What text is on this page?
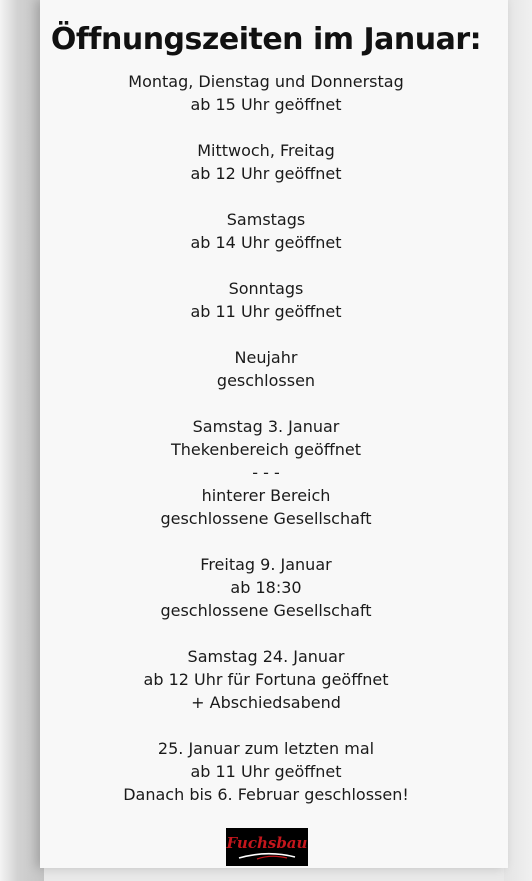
Öffnungszeiten im Januar:
Montag, Dienstag und Donnerstag
ab 15 Uhr geöffnet
Mittwoch, Freitag
ab 12 Uhr geöffnet
Samstags
ab 14 Uhr geöffnet
Sonntags
ab 11 Uhr geöffnet
Neujahr
geschlossen
Samstag 3. Januar
Thekenbereich geöffnet
- - -
hinterer Bereich
geschlossene Gesellschaft
Freitag 9. Januar
ab 18:30
geschlossene Gesellschaft
Samstag 24. Januar
ab 12 Uhr für Fortuna geöffnet
+ Abschiedsabend
25. Januar zum letzten mal
ab 11 Uhr geöffnet
Danach bis 6. Februar geschlossen!
Fuchsbau
